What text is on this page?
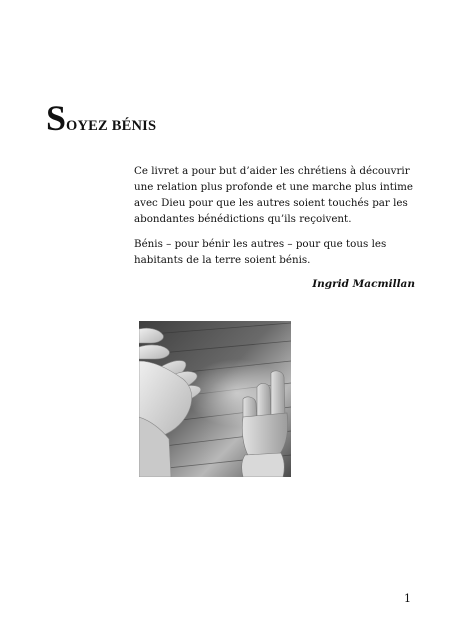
SOYEZ BÉNIS

Ce livret a pour but d’aider les chrétiens à découvrir une relation plus profonde et une marche plus intime avec Dieu pour que les autres soient touchés par les abondantes bénédictions qu’ils reçoivent.

Bénis – pour bénir les autres – pour que tous les habitants de la terre soient bénis.

Ingrid Macmillan

1
